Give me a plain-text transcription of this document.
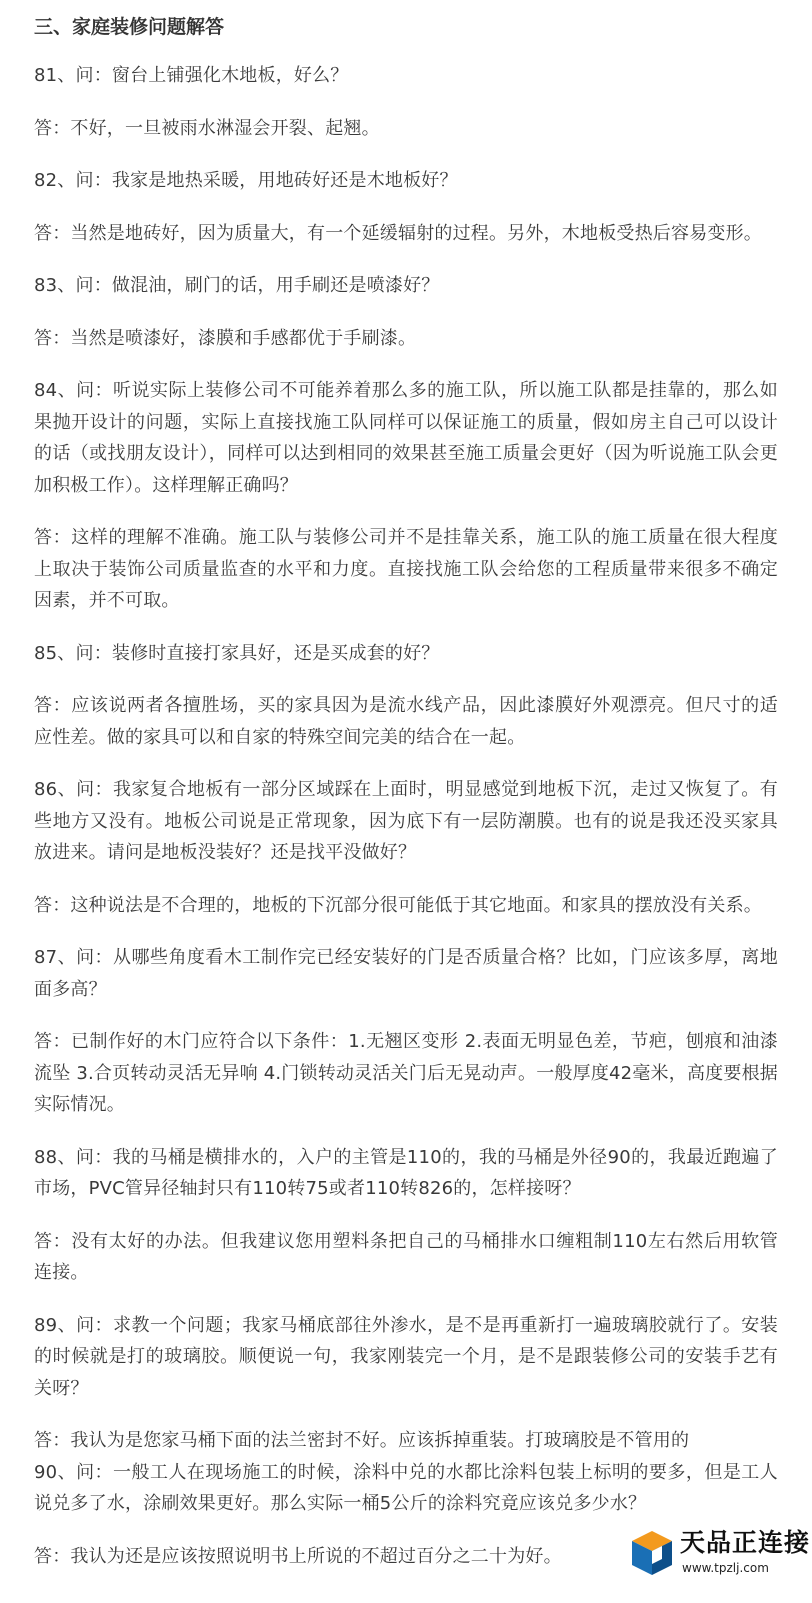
三、家庭装修问题解答

81、问：窗台上铺强化木地板，好么？

答：不好，一旦被雨水淋湿会开裂、起翘。

82、问：我家是地热采暖，用地砖好还是木地板好？

答：当然是地砖好，因为质量大，有一个延缓辐射的过程。另外，木地板受热后容易变形。

83、问：做混油，刷门的话，用手刷还是喷漆好？

答：当然是喷漆好，漆膜和手感都优于手刷漆。

84、问：听说实际上装修公司不可能养着那么多的施工队，所以施工队都是挂靠的，那么如果抛开设计的问题，实际上直接找施工队同样可以保证施工的质量，假如房主自己可以设计的话（或找朋友设计），同样可以达到相同的效果甚至施工质量会更好（因为听说施工队会更加积极工作）。这样理解正确吗？

答：这样的理解不准确。施工队与装修公司并不是挂靠关系，施工队的施工质量在很大程度上取决于装饰公司质量监查的水平和力度。直接找施工队会给您的工程质量带来很多不确定因素，并不可取。

85、问：装修时直接打家具好，还是买成套的好？

答：应该说两者各擅胜场，买的家具因为是流水线产品，因此漆膜好外观漂亮。但尺寸的适应性差。做的家具可以和自家的特殊空间完美的结合在一起。

86、问：我家复合地板有一部分区域踩在上面时，明显感觉到地板下沉，走过又恢复了。有些地方又没有。地板公司说是正常现象，因为底下有一层防潮膜。也有的说是我还没买家具放进来。请问是地板没装好？还是找平没做好？

答：这种说法是不合理的，地板的下沉部分很可能低于其它地面。和家具的摆放没有关系。

87、问：从哪些角度看木工制作完已经安装好的门是否质量合格？比如，门应该多厚，离地面多高？

答：已制作好的木门应符合以下条件：1.无翘区变形 2.表面无明显色差，节疤，刨痕和油漆流坠 3.合页转动灵活无异响 4.门锁转动灵活关门后无晃动声。一般厚度42毫米，高度要根据实际情况。

88、问：我的马桶是横排水的，入户的主管是110的，我的马桶是外径90的，我最近跑遍了市场，PVC管异径轴封只有110转75或者110转826的，怎样接呀？

答：没有太好的办法。但我建议您用塑料条把自己的马桶排水口缠粗制110左右然后用软管连接。

89、问：求教一个问题；我家马桶底部往外渗水，是不是再重新打一遍玻璃胶就行了。安装的时候就是打的玻璃胶。顺便说一句，我家刚装完一个月，是不是跟装修公司的安装手艺有关呀？

答：我认为是您家马桶下面的法兰密封不好。应该拆掉重装。打玻璃胶是不管用的

90、问：一般工人在现场施工的时候，涂料中兑的水都比涂料包装上标明的要多，但是工人说兑多了水，涂刷效果更好。那么实际一桶5公斤的涂料究竟应该兑多少水？

答：我认为还是应该按照说明书上所说的不超过百分之二十为好。	天品正连接
www.tpzlj.com
